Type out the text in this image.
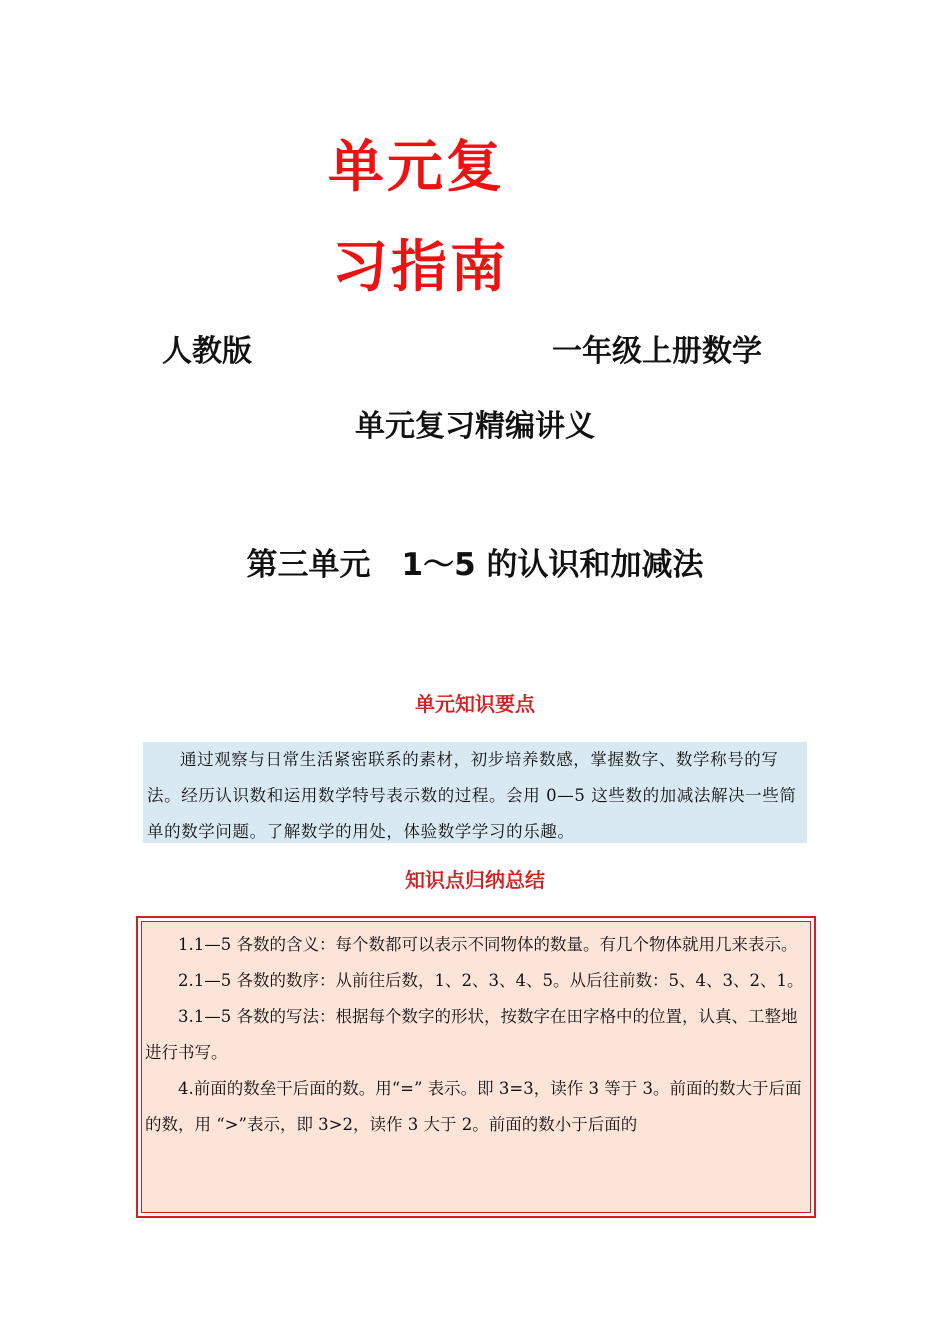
单元复
习指南
人教版	一年级上册数学
单元复习精编讲义
第三单元　1～5 的认识和加减法
单元知识要点

通过观察与日常生活紧密联系的素材，初步培养数感，掌握数字、数学称号的写法。经历认识数和运用数学特号表示数的过程。会用 0—5 这些数的加减法解决一些简单的数学问题。了解数学的用处，体验数学学习的乐趣。

知识点归纳总结

1.1—5 各数的含义：每个数都可以表示不同物体的数量。有几个物体就用几来表示。

2.1—5 各数的数序：从前往后数，1、2、3、4、5。从后往前数：5、4、3、2、1。

3.1—5 各数的写法：根据每个数字的形状，按数字在田字格中的位置，认真、工整地进行书写。

4.前面的数垒干后面的数。用“=” 表示。即 3=3，读作 3 等于 3。前面的数大于后面的数，用 “>”表示，即 3>2，读作 3 大于 2。前面的数小于后面的
